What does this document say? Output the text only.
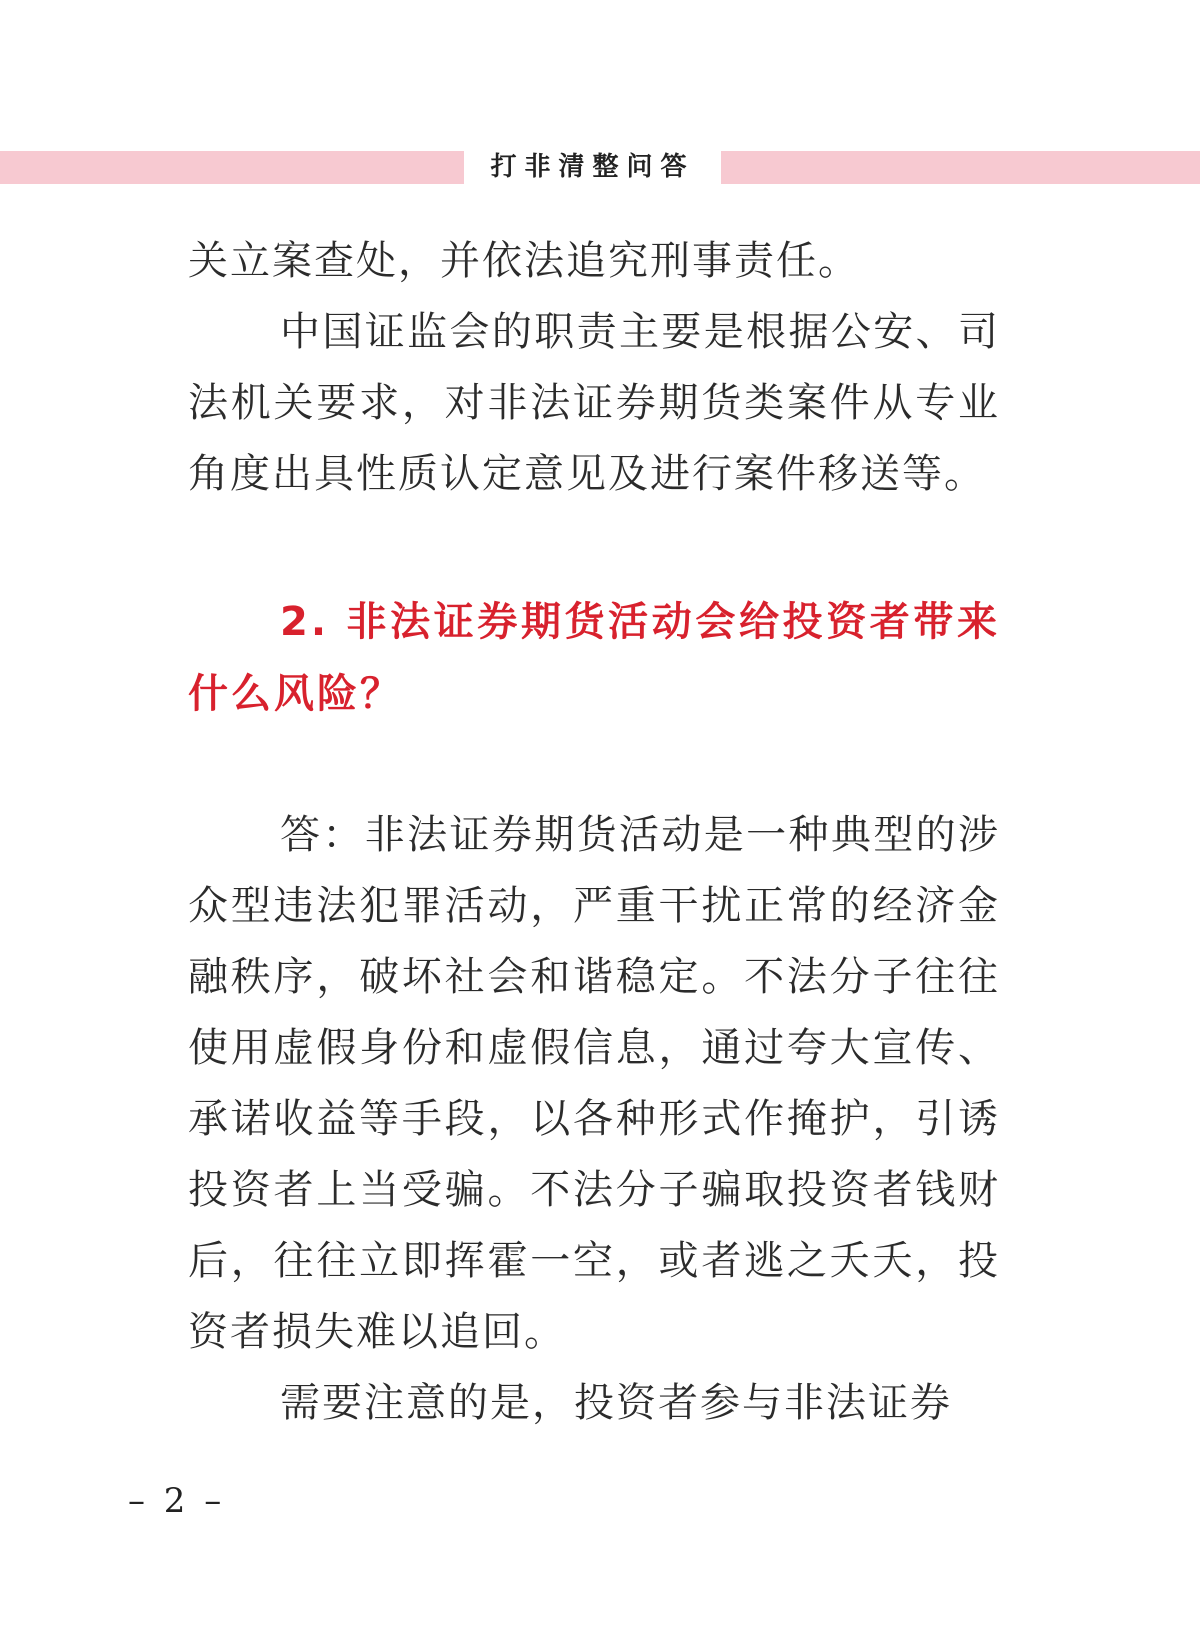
打非清整问答

关立案查处，并依法追究刑事责任。

中国证监会的职责主要是根据公安、司法机关要求，对非法证券期货类案件从专业角度出具性质认定意见及进行案件移送等。

2. 非法证券期货活动会给投资者带来什么风险？

答：非法证券期货活动是一种典型的涉众型违法犯罪活动，严重干扰正常的经济金融秩序，破坏社会和谐稳定。不法分子往往使用虚假身份和虚假信息，通过夸大宣传、承诺收益等手段，以各种形式作掩护，引诱投资者上当受骗。不法分子骗取投资者钱财后，往往立即挥霍一空，或者逃之夭夭，投资者损失难以追回。

需要注意的是，投资者参与非法证券

– 2 –
